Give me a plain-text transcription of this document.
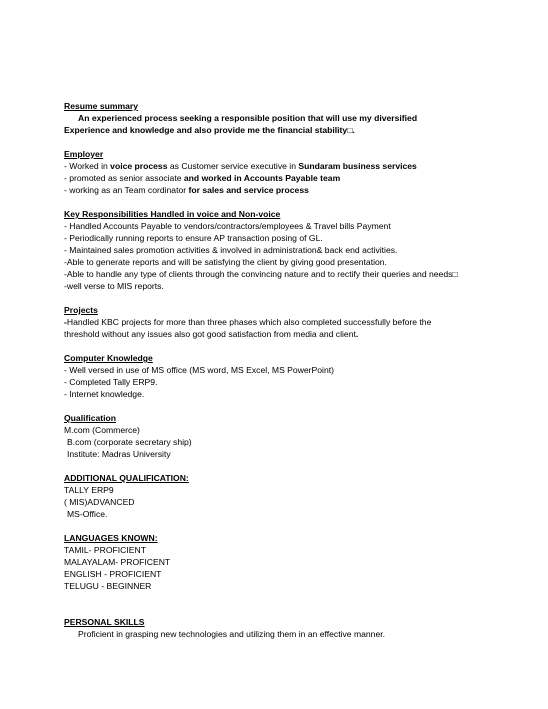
Resume summary
An experienced process seeking a responsible position that will use my diversified
Experience and knowledge and also provide me the financial stability□.
Employer
- Worked in voice process as Customer service executive in Sundaram business services
- promoted as senior associate and worked in Accounts Payable team
- working as an Team cordinator for sales and service process
Key Responsibilities Handled in voice and Non-voice
- Handled Accounts Payable to vendors/contractors/employees & Travel bills Payment
- Periodically running reports to ensure AP transaction posing of GL.
- Maintained sales promotion activities & involved in administration& back end activities.
-Able to generate reports and will be satisfying the client by giving good presentation.
-Able to handle any type of clients through the convincing nature and to rectify their queries and needs□
-well verse to MIS reports.
Projects
-Handled KBC projects for more than three phases which also completed successfully before the
threshold without any issues also got good satisfaction from media and client.
Computer Knowledge
- Well versed in use of MS office (MS word, MS Excel, MS PowerPoint)
- Completed Tally ERP9.
- Internet knowledge.
Qualification
M.com (Commerce)
B.com (corporate secretary ship)
Institute: Madras University
ADDITIONAL QUALIFICATION:
TALLY ERP9
( MIS)ADVANCED
MS-Office.
LANGUAGES KNOWN:
TAMIL- PROFICIENT
MALAYALAM- PROFICENT
ENGLISH - PROFICIENT
TELUGU - BEGINNER
PERSONAL SKILLS
Proficient in grasping new technologies and utilizing them in an effective manner.
